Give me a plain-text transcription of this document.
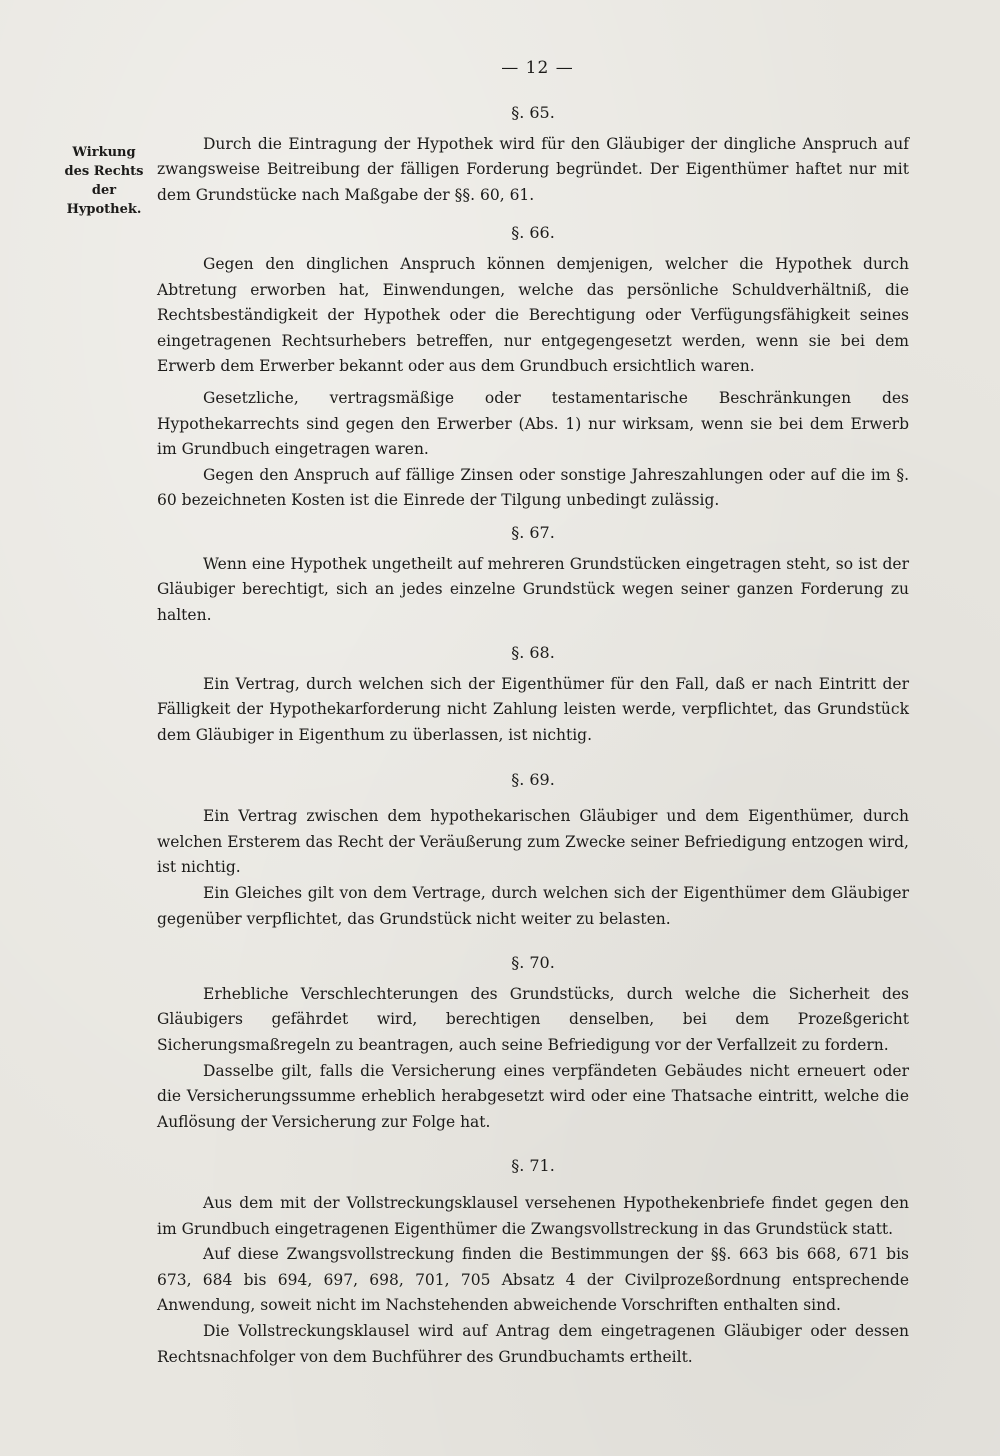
— 12 —
Wirkung
des Rechts
der
Hypothek.
§. 65.

Durch die Eintragung der Hypothek wird für den Gläubiger der dingliche Anspruch auf zwangsweise Beitreibung der fälligen Forderung begründet. Der Eigenthümer haftet nur mit dem Grundstücke nach Maßgabe der §§. 60, 61.

§. 66.

Gegen den dinglichen Anspruch können demjenigen, welcher die Hypothek durch Abtretung erworben hat, Einwendungen, welche das persönliche Schuldverhältniß, die Rechtsbeständigkeit der Hypothek oder die Berechtigung oder Verfügungsfähigkeit seines eingetragenen Rechtsurhebers betreffen, nur entgegengesetzt werden, wenn sie bei dem Erwerb dem Erwerber bekannt oder aus dem Grundbuch ersichtlich waren.

Gesetzliche, vertragsmäßige oder testamentarische Beschränkungen des Hypothekarrechts sind gegen den Erwerber (Abs. 1) nur wirksam, wenn sie bei dem Erwerb im Grundbuch eingetragen waren.

Gegen den Anspruch auf fällige Zinsen oder sonstige Jahreszahlungen oder auf die im §. 60 bezeichneten Kosten ist die Einrede der Tilgung unbedingt zulässig.

§. 67.

Wenn eine Hypothek ungetheilt auf mehreren Grundstücken eingetragen steht, so ist der Gläubiger berechtigt, sich an jedes einzelne Grundstück wegen seiner ganzen Forderung zu halten.

§. 68.

Ein Vertrag, durch welchen sich der Eigenthümer für den Fall, daß er nach Eintritt der Fälligkeit der Hypothekarforderung nicht Zahlung leisten werde, verpflichtet, das Grundstück dem Gläubiger in Eigenthum zu überlassen, ist nichtig.

§. 69.

Ein Vertrag zwischen dem hypothekarischen Gläubiger und dem Eigenthümer, durch welchen Ersterem das Recht der Veräußerung zum Zwecke seiner Befriedigung entzogen wird, ist nichtig.

Ein Gleiches gilt von dem Vertrage, durch welchen sich der Eigenthümer dem Gläubiger gegenüber verpflichtet, das Grundstück nicht weiter zu belasten.

§. 70.

Erhebliche Verschlechterungen des Grundstücks, durch welche die Sicherheit des Gläubigers gefährdet wird, berechtigen denselben, bei dem Prozeßgericht Sicherungsmaßregeln zu beantragen, auch seine Befriedigung vor der Verfallzeit zu fordern.

Dasselbe gilt, falls die Versicherung eines verpfändeten Gebäudes nicht erneuert oder die Versicherungssumme erheblich herabgesetzt wird oder eine Thatsache eintritt, welche die Auflösung der Versicherung zur Folge hat.

§. 71.

Aus dem mit der Vollstreckungsklausel versehenen Hypothekenbriefe findet gegen den im Grundbuch eingetragenen Eigenthümer die Zwangsvollstreckung in das Grundstück statt.

Auf diese Zwangsvollstreckung finden die Bestimmungen der §§. 663 bis 668, 671 bis 673, 684 bis 694, 697, 698, 701, 705 Absatz 4 der Civilprozeßordnung entsprechende Anwendung, soweit nicht im Nachstehenden abweichende Vorschriften enthalten sind.

Die Vollstreckungsklausel wird auf Antrag dem eingetragenen Gläubiger oder dessen Rechtsnachfolger von dem Buchführer des Grundbuchamts ertheilt.
